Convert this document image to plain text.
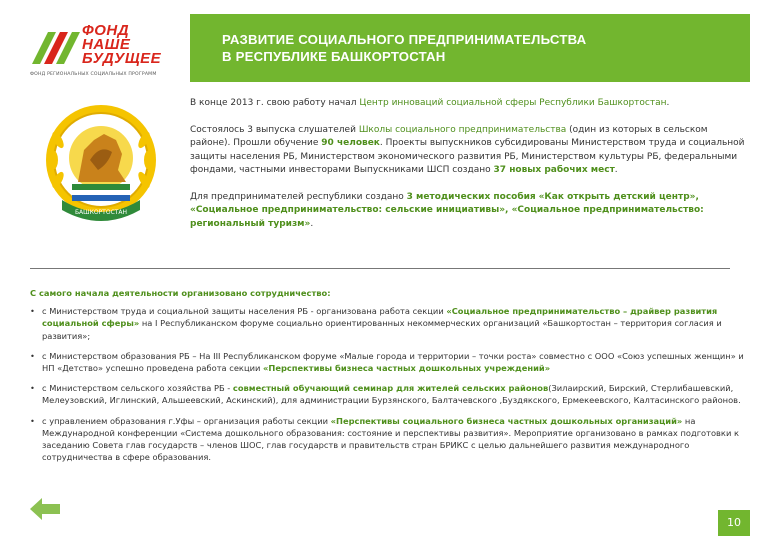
ФОНД
НАШЕ
БУДУЩЕЕ
ФОНД РЕГИОНАЛЬНЫХ СОЦИАЛЬНЫХ ПРОГРАММ
РАЗВИТИЕ СОЦИАЛЬНОГО ПРЕДПРИНИМАТЕЛЬСТВА
В РЕСПУБЛИКЕ БАШКОРТОСТАН
БАШКОРТОСТАН

В конце 2013 г. свою работу начал Центр инноваций социальной сферы Республики Башкортостан.

Состоялось 3 выпуска слушателей Школы социального предпринимательства (один из которых в сельском районе). Прошли обучение 90 человек. Проекты выпускников субсидированы Министерством труда и социальной защиты населения РБ, Министерством экономического развития РБ, Министерством культуры РБ, федеральными фондами, частными инвесторами Выпускниками ШСП создано 37 новых рабочих мест.

Для предпринимателей республики создано 3 методических пособия «Как открыть детский центр», «Социальное предпринимательство: сельские инициативы», «Социальное предпринимательство: региональный туризм».

С самого начала деятельности организовано сотрудничество:

• с Министерством труда и социальной защиты населения РБ - организована работа секции «Социальное предпринимательство – драйвер развития социальной сферы» на I Республиканском форуме социально ориентированных некоммерческих организаций «Башкортостан – территория согласия и развития»;
• с Министерством образования РБ – На III Республиканском форуме «Малые города и территории – точки роста» совместно с ООО «Союз успешных женщин» и НП «Детство» успешно проведена работа секции «Перспективы бизнеса частных дошкольных учреждений»
• с Министерством сельского хозяйства РБ - совместный обучающий семинар для жителей сельских районов(Зилаирский, Бирский, Стерлибашевский, Мелеузовский, Иглинский, Альшеевский, Аскинский), для администрации Бурзянского, Балтачевского ,Буздякского, Ермекеевского, Калтасинского районов.
• с управлением образования г.Уфы – организация работы секции «Перспективы социального бизнеса частных дошкольных организаций» на Международной конференции «Система дошкольного образования: состояние и перспективы развития». Мероприятие организовано в рамках подготовки к заседанию Совета глав государств – членов ШОС, глав государств и правительств стран БРИКС с целью дальнейшего развития международного сотрудничества в сфере образования.
10
